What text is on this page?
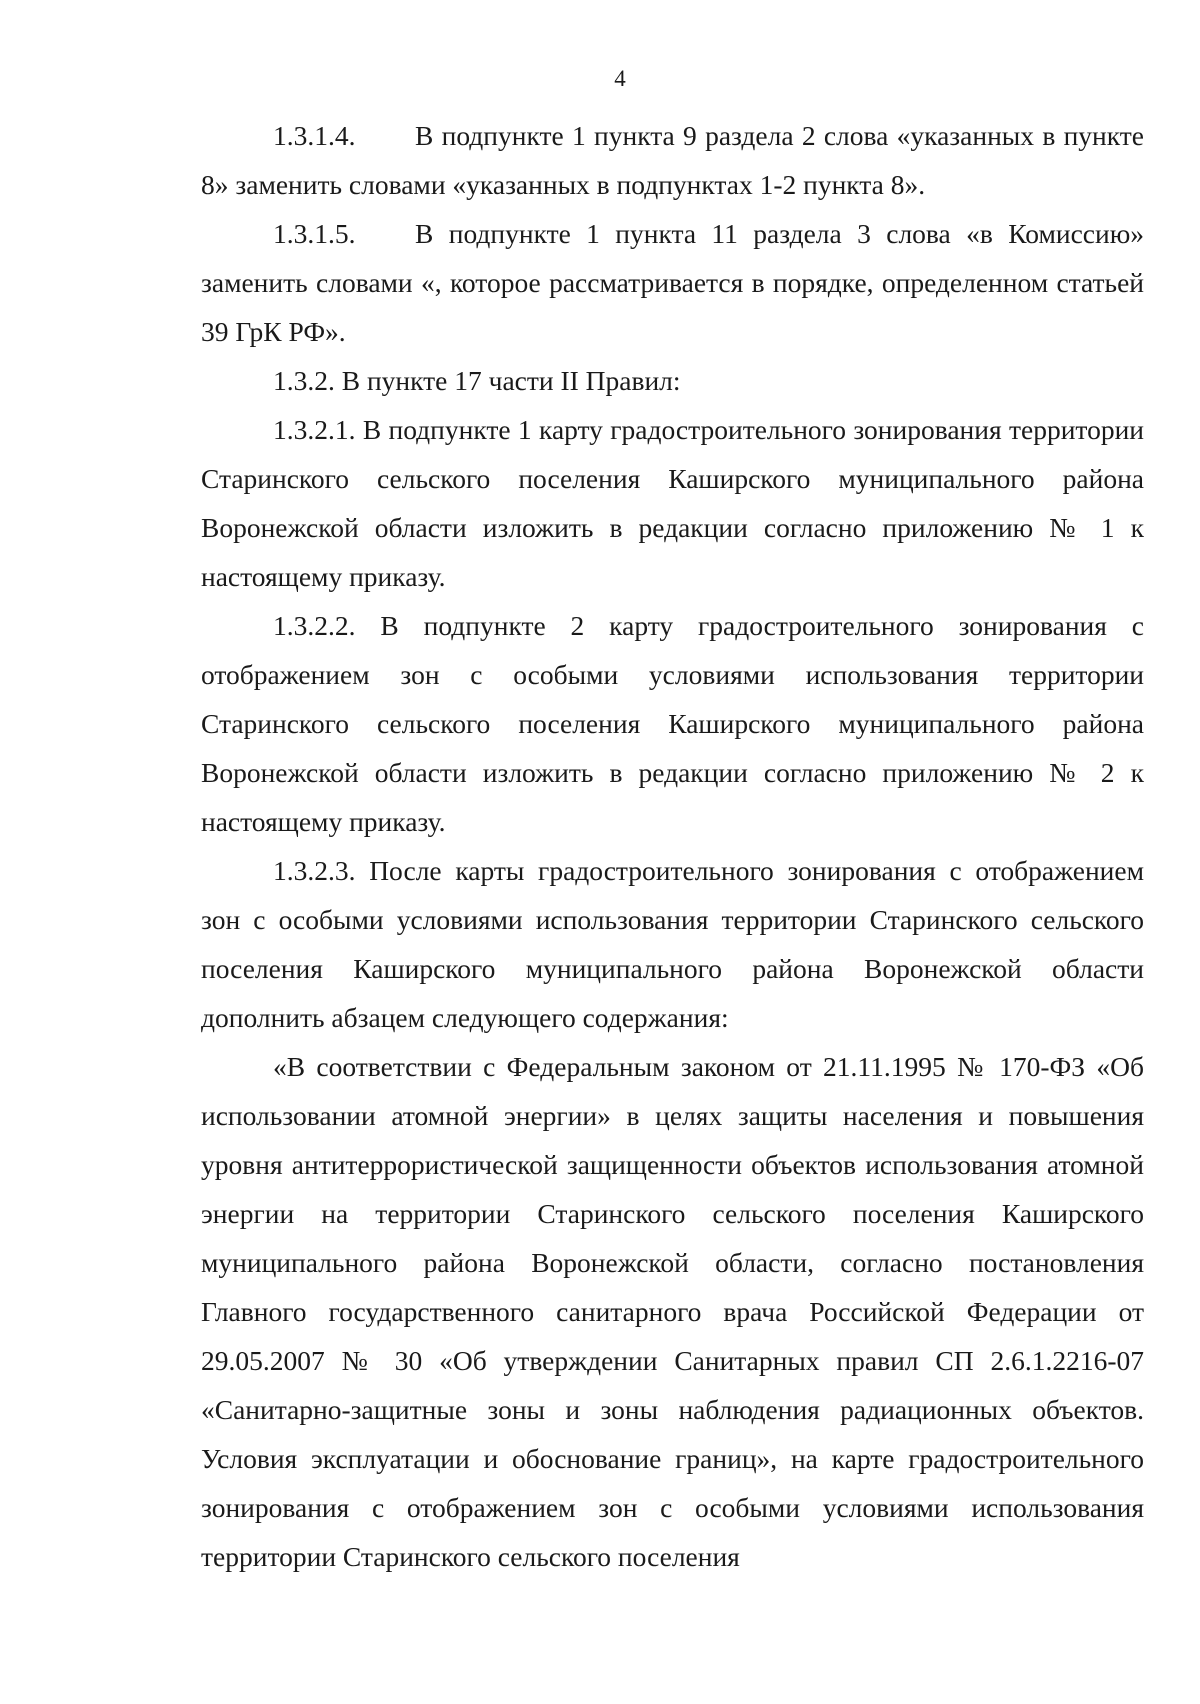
4

1.3.1.4. В подпункте 1 пункта 9 раздела 2 слова «указанных в пункте 8» заменить словами «указанных в подпунктах 1-2 пункта 8».

1.3.1.5. В подпункте 1 пункта 11 раздела 3 слова «в Комиссию» заменить словами «, которое рассматривается в порядке, определенном статьей 39 ГрК РФ».

1.3.2. В пункте 17 части II Правил:

1.3.2.1. В подпункте 1 карту градостроительного зонирования территории Старинского сельского поселения Каширского муниципального района Воронежской области изложить в редакции согласно приложению № 1 к настоящему приказу.

1.3.2.2. В подпункте 2 карту градостроительного зонирования с отображением зон с особыми условиями использования территории Старинского сельского поселения Каширского муниципального района Воронежской области изложить в редакции согласно приложению № 2 к настоящему приказу.

1.3.2.3. После карты градостроительного зонирования с отображением зон с особыми условиями использования территории Старинского сельского поселения Каширского муниципального района Воронежской области дополнить абзацем следующего содержания:

«В соответствии с Федеральным законом от 21.11.1995 № 170-ФЗ «Об использовании атомной энергии» в целях защиты населения и повышения уровня антитеррористической защищенности объектов использования атомной энергии на территории Старинского сельского поселения Каширского муниципального района Воронежской области, согласно постановления Главного государственного санитарного врача Российской Федерации от 29.05.2007 № 30 «Об утверждении Санитарных правил СП 2.6.1.2216-07 «Санитарно-защитные зоны и зоны наблюдения радиационных объектов. Условия эксплуатации и обоснование границ», на карте градостроительного зонирования с отображением зон с особыми условиями использования территории Старинского сельского поселения
